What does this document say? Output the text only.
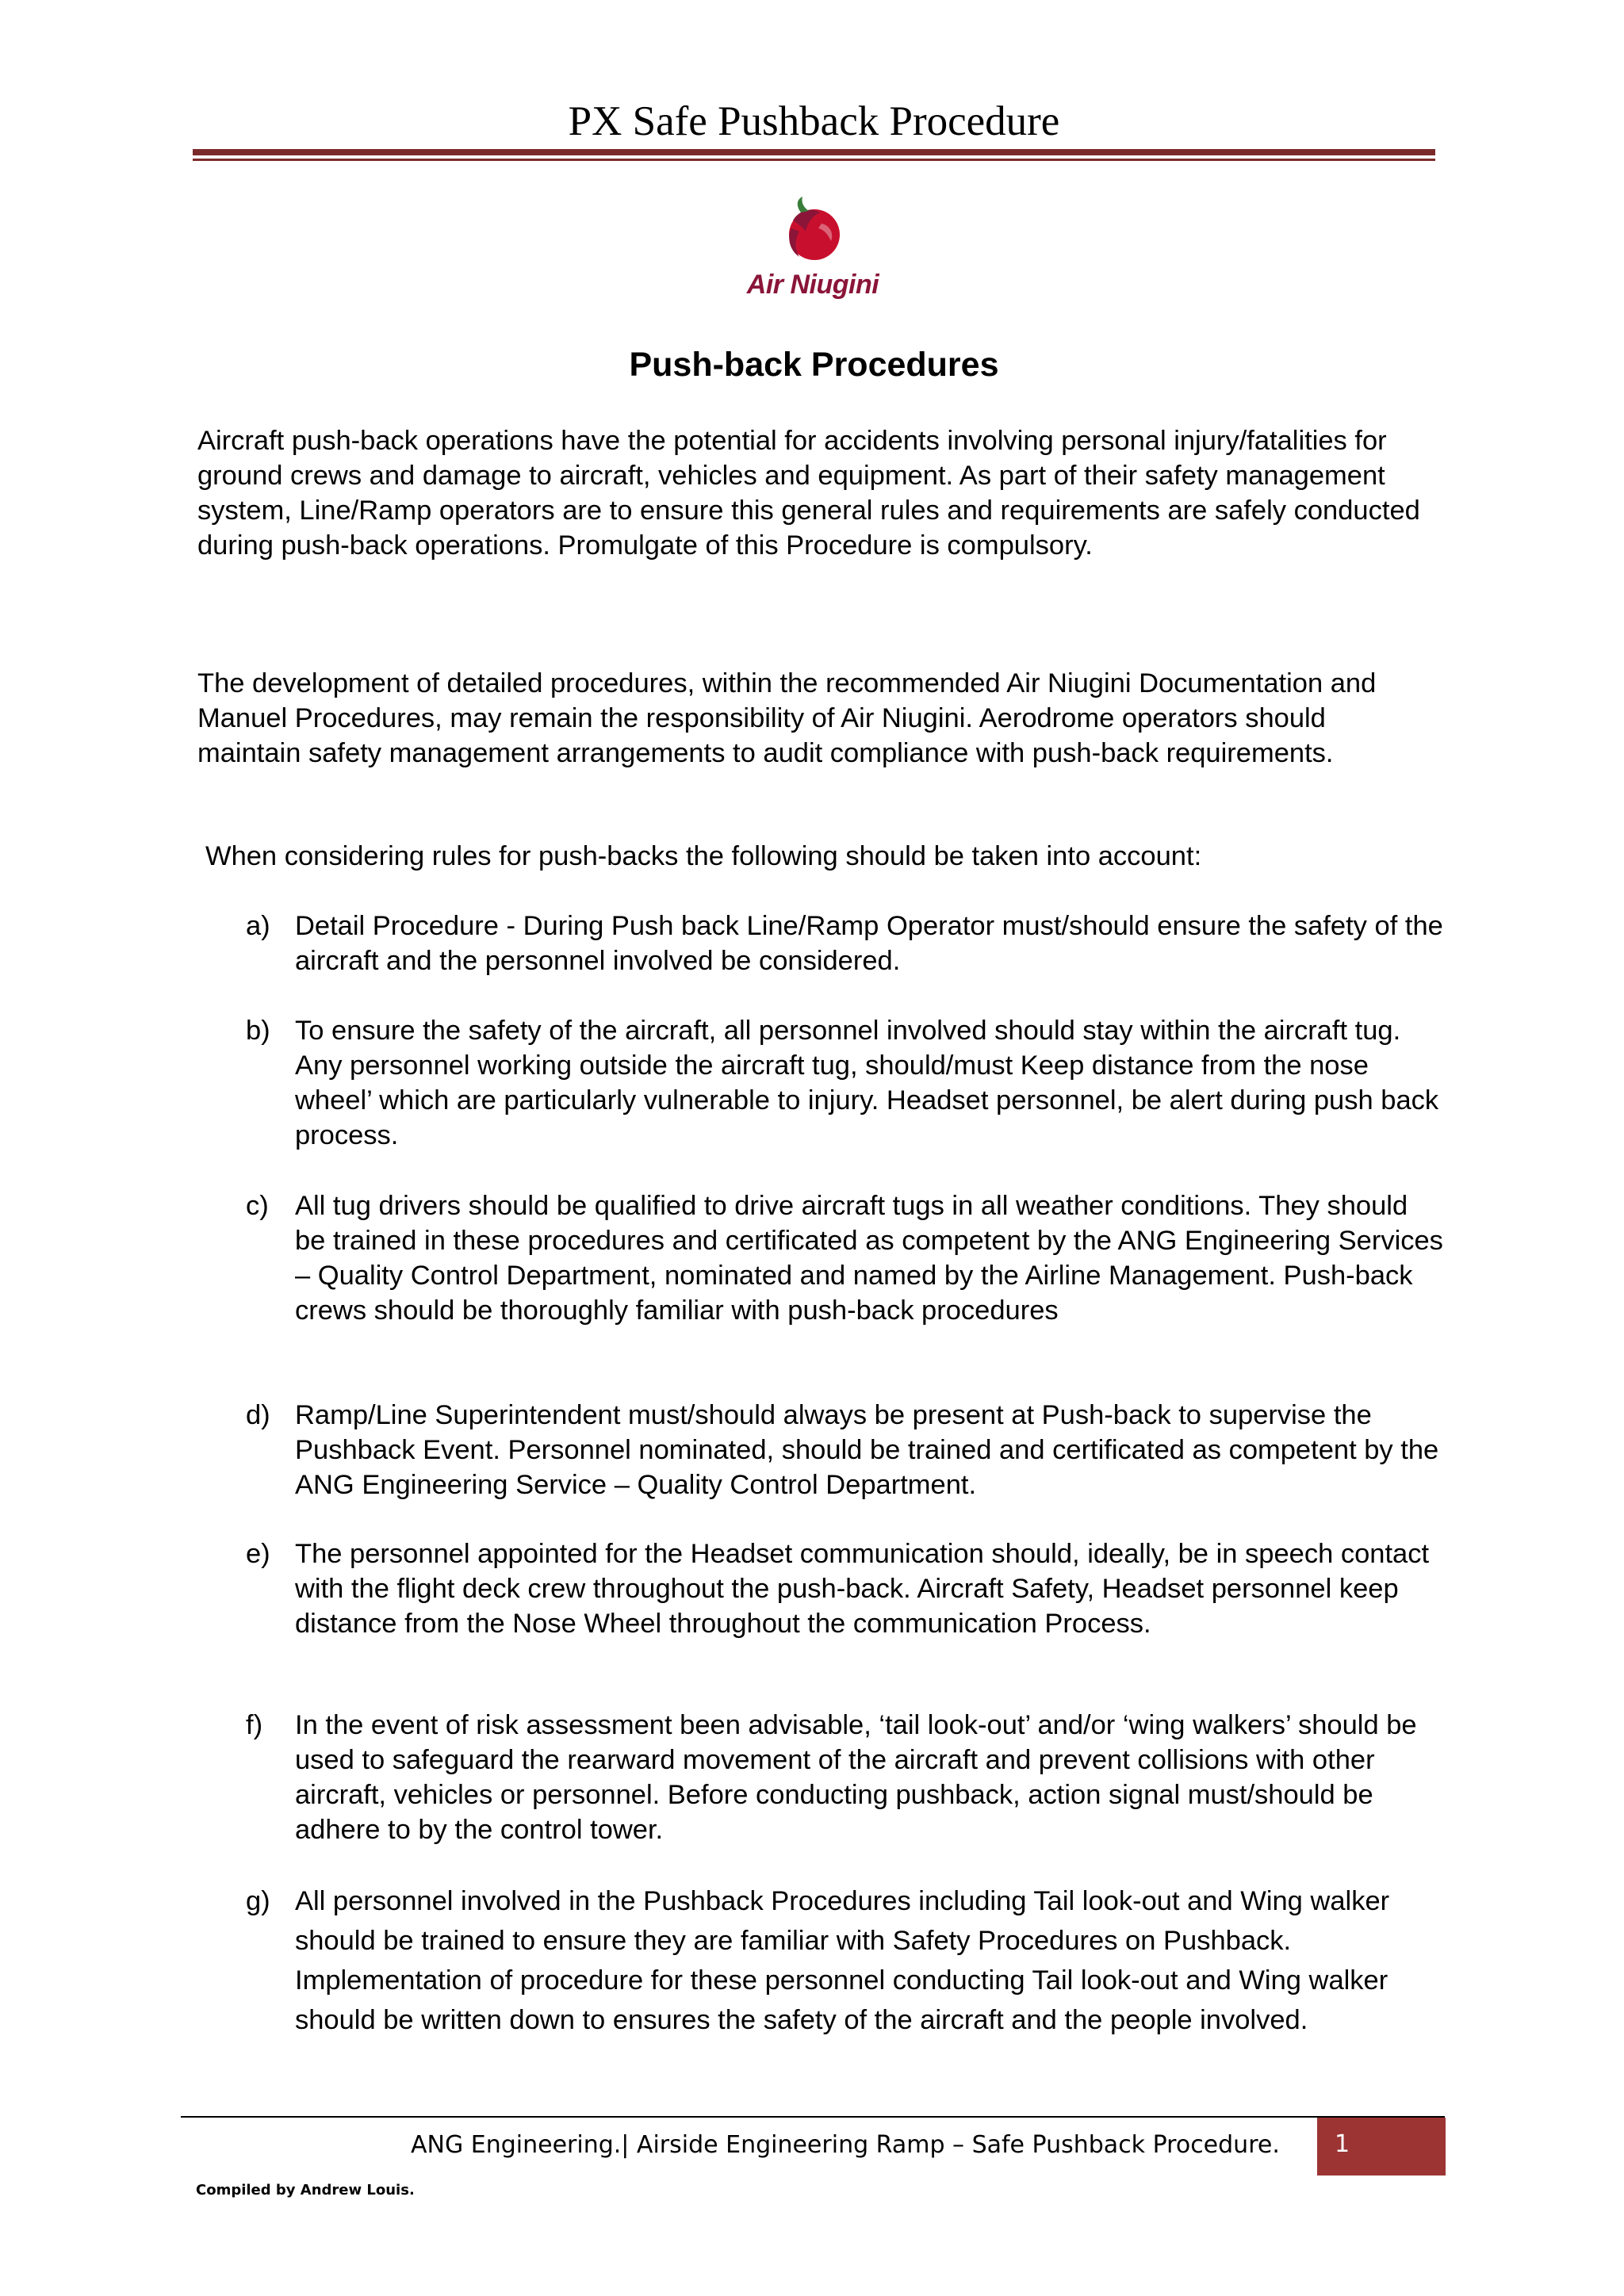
PX Safe Pushback Procedure
Air Niugini
Push-back Procedures
Aircraft push-back operations have the potential for accidents involving personal injury/fatalities for ground crews and damage to aircraft, vehicles and equipment. As part of their safety management system, Line/Ramp operators are to ensure this general rules and requirements are safely conducted during push-back operations. Promulgate of this Procedure is compulsory.
The development of detailed procedures, within the recommended Air Niugini Documentation and Manuel Procedures, may remain the responsibility of Air Niugini. Aerodrome operators should maintain safety management arrangements to audit compliance with push-back requirements.
When considering rules for push-backs the following should be taken into account:
a) Detail Procedure - During Push back Line/Ramp Operator must/should ensure the safety of the aircraft and the personnel involved be considered.
b) To ensure the safety of the aircraft, all personnel involved should stay within the aircraft tug. Any personnel working outside the aircraft tug, should/must Keep distance from the nose wheel’ which are particularly vulnerable to injury. Headset personnel, be alert during push back process.
c) All tug drivers should be qualified to drive aircraft tugs in all weather conditions. They should be trained in these procedures and certificated as competent by the ANG Engineering Services – Quality Control Department, nominated and named by the Airline Management. Push-back crews should be thoroughly familiar with push-back procedures
d) Ramp/Line Superintendent must/should always be present at Push-back to supervise the Pushback Event. Personnel nominated, should be trained and certificated as competent by the ANG Engineering Service – Quality Control Department.
e) The personnel appointed for the Headset communication should, ideally, be in speech contact with the flight deck crew throughout the push-back. Aircraft Safety, Headset personnel keep distance from the Nose Wheel throughout the communication Process.
f)	In the event of risk assessment been advisable, ‘tail look-out’ and/or ‘wing walkers’ should be used to safeguard the rearward movement of the aircraft and prevent collisions with other aircraft, vehicles or personnel. Before conducting pushback, action signal must/should be adhere to by the control tower.
g) All personnel involved in the Pushback Procedures including Tail look-out and Wing walker should be trained to ensure they are familiar with Safety Procedures on Pushback. Implementation of procedure for these personnel conducting Tail look-out and Wing walker should be written down to ensures the safety of the aircraft and the people involved.
ANG Engineering.| Airside Engineering Ramp – Safe Pushback Procedure.	1
Compiled by Andrew Louis.
